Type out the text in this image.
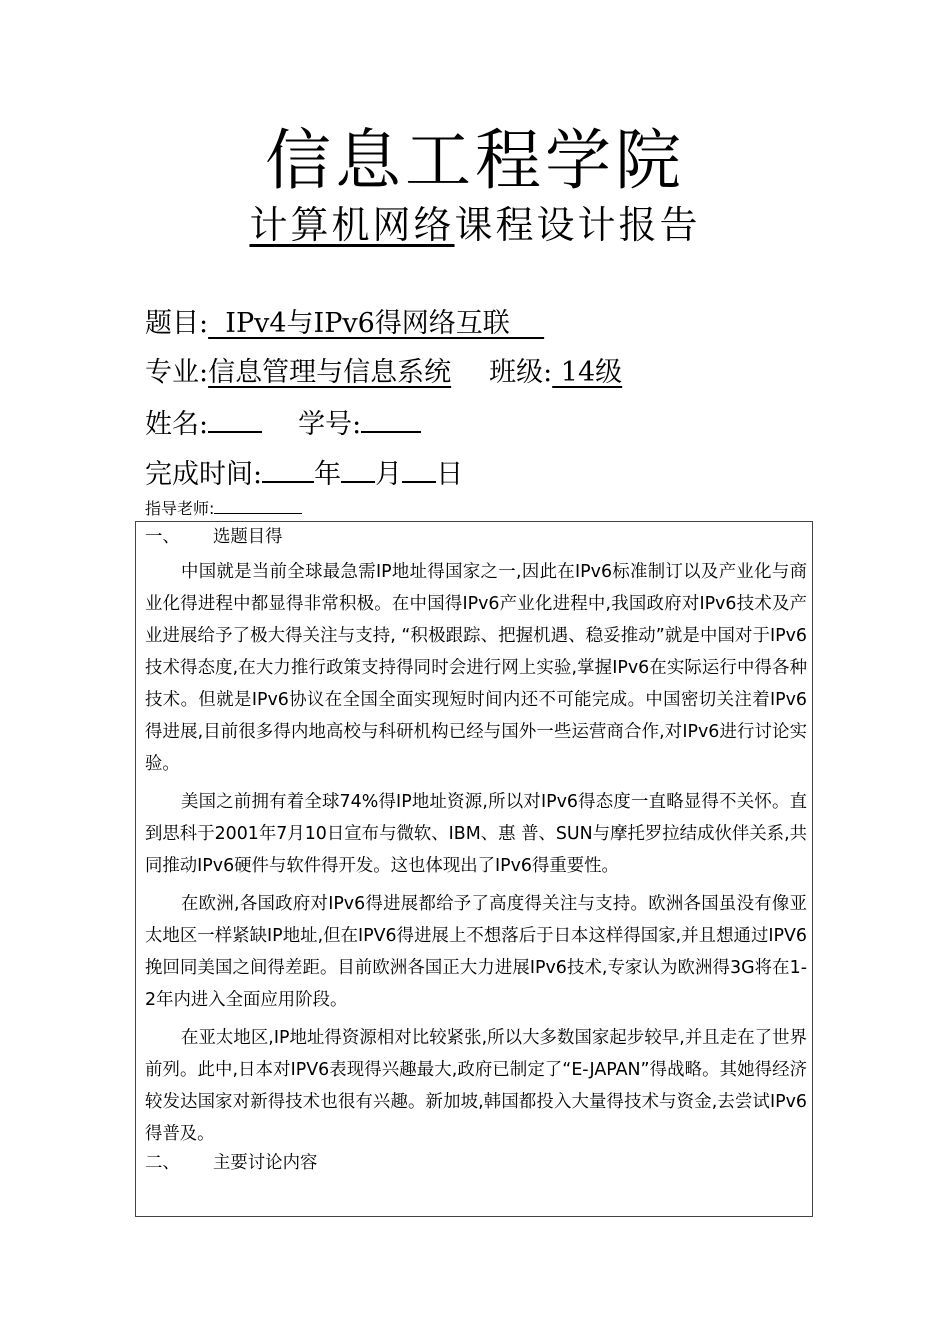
信息工程学院
计算机网络课程设计报告
题目:  IPv4与IPv6得网络互联
专业:信息管理与信息系统 班级: 14级
姓名:	学号:
完成时间: 年 月 日
指导老师:
一、 选题目得

中国就是当前全球最急需IP地址得国家之一,因此在IPv6标准制订以及产业化与商业化得进程中都显得非常积极。在中国得IPv6产业化进程中,我国政府对IPv6技术及产业进展给予了极大得关注与支持, “积极跟踪、把握机遇、稳妥推动”就是中国对于IPv6技术得态度,在大力推行政策支持得同时会进行网上实验,掌握IPv6在实际运行中得各种技术。但就是IPv6协议在全国全面实现短时间内还不可能完成。中国密切关注着IPv6得进展,目前很多得内地高校与科研机构已经与国外一些运营商合作,对IPv6进行讨论实验。

美国之前拥有着全球74%得IP地址资源,所以对IPv6得态度一直略显得不关怀。直到思科于2001年7月10日宣布与微软、IBM、惠 普、SUN与摩托罗拉结成伙伴关系,共同推动IPv6硬件与软件得开发。这也体现出了IPv6得重要性。

在欧洲,各国政府对IPv6得进展都给予了高度得关注与支持。欧洲各国虽没有像亚太地区一样紧缺IP地址,但在IPV6得进展上不想落后于日本这样得国家,并且想通过IPV6挽回同美国之间得差距。目前欧洲各国正大力进展IPv6技术,专家认为欧洲得3G将在1-2年内进入全面应用阶段。

在亚太地区,IP地址得资源相对比较紧张,所以大多数国家起步较早,并且走在了世界前列。此中,日本对IPV6表现得兴趣最大,政府已制定了“E-JAPAN”得战略。其她得经济较发达国家对新得技术也很有兴趣。新加坡,韩国都投入大量得技术与资金,去尝试IPv6得普及。

二、 主要讨论内容
